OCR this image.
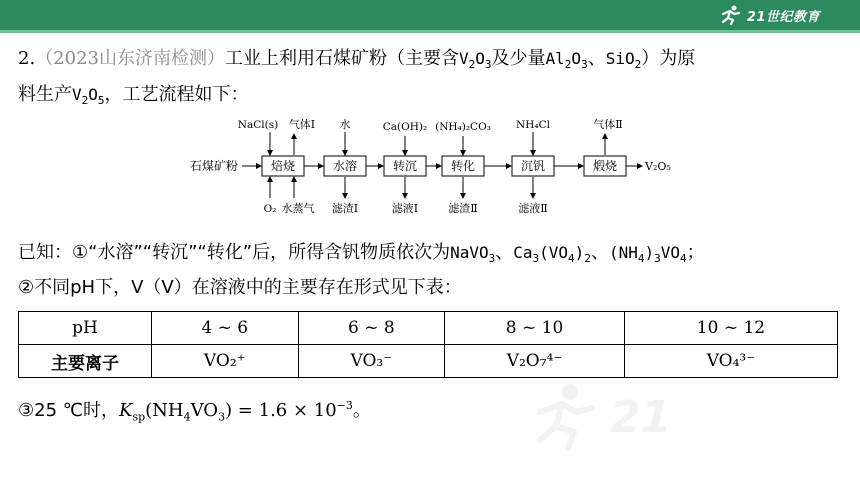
21世纪教育
2.（2023山东济南检测）工业上利用石煤矿粉（主要含$V_2O_3$及少量$Al_2O_3$、SiO$_2$）为原
料生产$V_2O_5$，工艺流程如下：
石煤矿粉	V₂O₅
焙烧	水溶	转沉	转化	沉钒	煅烧
NaCl(s) 气体Ⅰ 水	Ca(OH)₂ (NH₄)₂CO₃ NH₄Cl	气体Ⅱ
O₂ 水蒸气 滤渣Ⅰ	滤液Ⅰ	滤渣Ⅱ	滤液Ⅱ
已知：①“水溶”“转沉”“转化”后，所得含钒物质依次为NaVO$_3$、$Ca_3(VO_4)_2$、$(NH_4)_3VO_4$；
②不同pH下，V（Ⅴ）在溶液中的主要存在形式见下表：
pH	4 ~ 6	6 ~ 8	8 ~ 10	10 ~ 12
主要离子	VO₂⁺	VO₃⁻	V₂O₇⁴⁻	VO₄³⁻
③25 ℃时，$K_{sp}(NH_4VO_3) = 1.6 \times 10^{-3}$。	21
